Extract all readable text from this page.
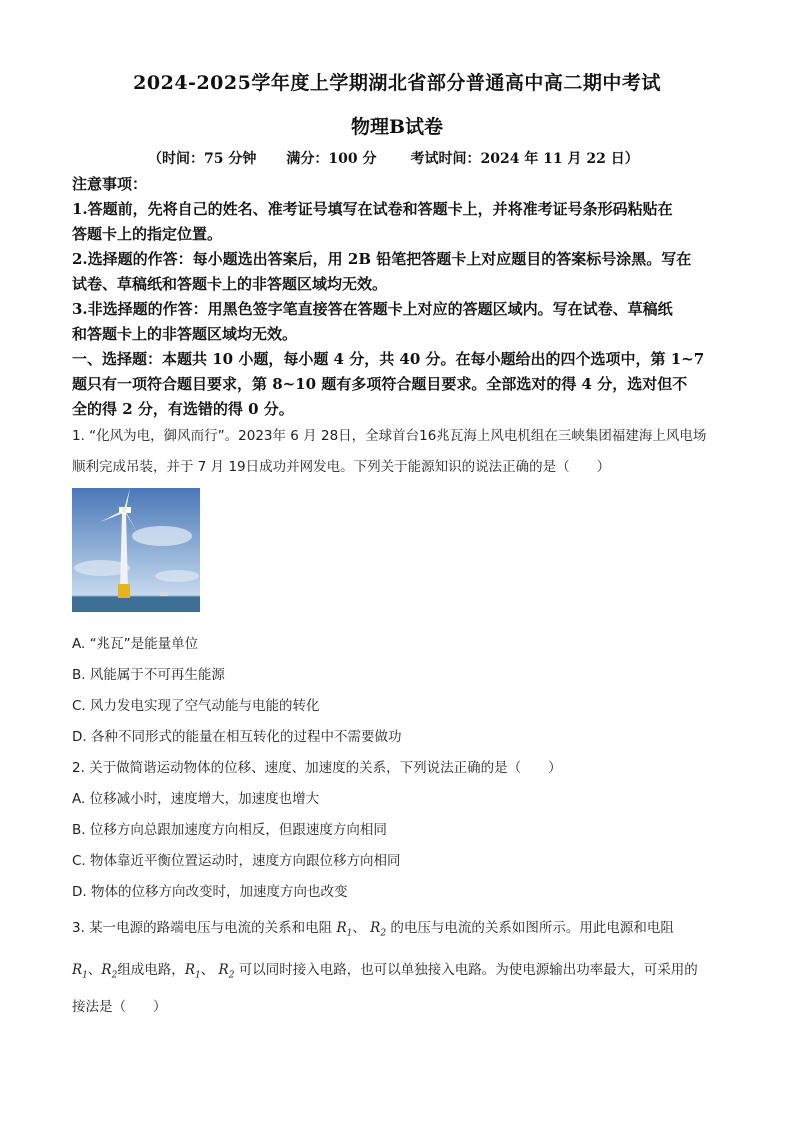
2024-2025学年度上学期湖北省部分普通高中高二期中考试
物理B试卷
（时间：75 分钟 满分：100 分 考试时间：2024 年 11 月 22 日）

注意事项：

1.答题前，先将自己的姓名、准考证号填写在试卷和答题卡上，并将准考证号条形码粘贴在

答题卡上的指定位置。

2.选择题的作答：每小题选出答案后，用 2B 铅笔把答题卡上对应题目的答案标号涂黑。写在

试卷、草稿纸和答题卡上的非答题区域均无效。

3.非选择题的作答：用黑色签字笔直接答在答题卡上对应的答题区域内。写在试卷、草稿纸

和答题卡上的非答题区域均无效。

一、选择题：本题共 10 小题，每小题 4 分，共 40 分。在每小题给出的四个选项中，第 1~7

题只有一项符合题目要求，第 8~10 题有多项符合题目要求。全部选对的得 4 分，选对但不

全的得 2 分，有选错的得 0 分。

1. “化风为电，御风而行”。2023年 6 月 28日，全球首台16兆瓦海上风电机组在三峡集团福建海上风电场
顺利完成吊装，并于 7 月 19日成功并网发电。下列关于能源知识的说法正确的是（　　）
A. “兆瓦”是能量单位
B. 风能属于不可再生能源
C. 风力发电实现了空气动能与电能的转化
D. 各种不同形式的能量在相互转化的过程中不需要做功
2. 关于做简谐运动物体的位移、速度、加速度的关系，下列说法正确的是（　　）
A. 位移减小时，速度增大，加速度也增大
B. 位移方向总跟加速度方向相反，但跟速度方向相同
C. 物体靠近平衡位置运动时，速度方向跟位移方向相同
D. 物体的位移方向改变时，加速度方向也改变
3. 某一电源的路端电压与电流的关系和电阻 $R_1$、 $R_2$ 的电压与电流的关系如图所示。用此电源和电阻
$R_1$、$R_2$组成电路，$R_1$、 $R_2$ 可以同时接入电路，也可以单独接入电路。为使电源输出功率最大，可采用的
接法是（　　）
